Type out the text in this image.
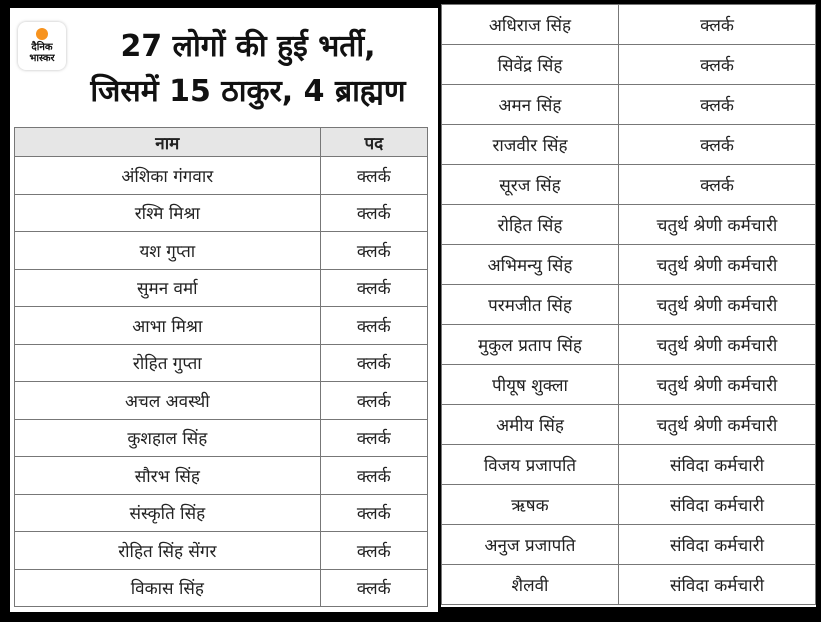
दैनिक
भास्कर	27 लोगों की हुई भर्ती,
जिसमें 15 ठाकुर, 4 ब्राह्मण
नाम	पद
अंशिका गंगवार	क्लर्क
रश्मि मिश्रा	क्लर्क
यश गुप्ता	क्लर्क
सुमन वर्मा	क्लर्क
आभा मिश्रा	क्लर्क
रोहित गुप्ता	क्लर्क
अचल अवस्थी	क्लर्क
कुशहाल सिंह	क्लर्क
सौरभ सिंह	क्लर्क
संस्कृति सिंह	क्लर्क
रोहित सिंह सेंगर	क्लर्क
विकास सिंह	क्लर्क
अधिराज सिंह	क्लर्क
सिवेंद्र सिंह	क्लर्क
अमन सिंह	क्लर्क
राजवीर सिंह	क्लर्क
सूरज सिंह	क्लर्क
रोहित सिंह	चतुर्थ श्रेणी कर्मचारी
अभिमन्यु सिंह	चतुर्थ श्रेणी कर्मचारी
परमजीत सिंह	चतुर्थ श्रेणी कर्मचारी
मुकुल प्रताप सिंह	चतुर्थ श्रेणी कर्मचारी
पीयूष शुक्ला	चतुर्थ श्रेणी कर्मचारी
अमीय सिंह	चतुर्थ श्रेणी कर्मचारी
विजय प्रजापति	संविदा कर्मचारी
ऋषक	संविदा कर्मचारी
अनुज प्रजापति	संविदा कर्मचारी
शैलवी	संविदा कर्मचारी
